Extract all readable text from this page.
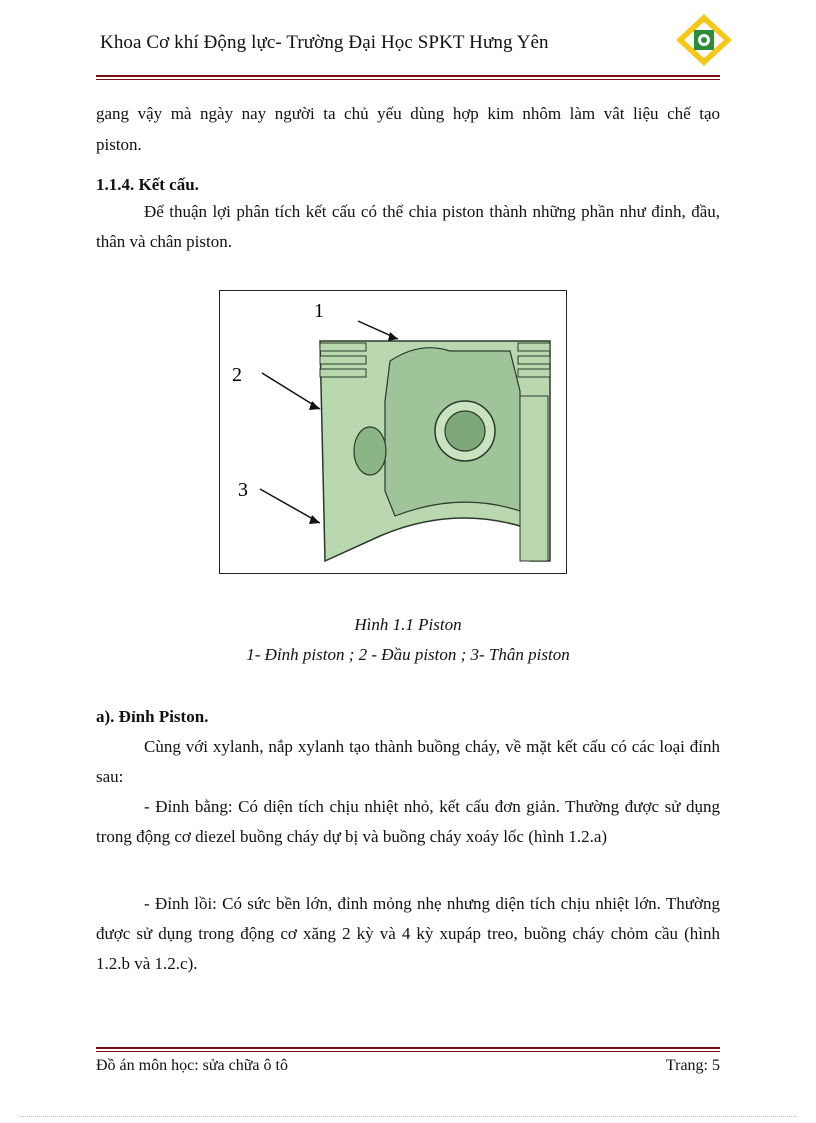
Khoa Cơ khí Động lực- Trường Đại Học SPKT Hưng Yên
gang vậy mà ngày nay người ta chủ yếu dùng hợp kim nhôm làm vât liệu chế tạo
piston.
1.1.4. Kết cấu.
Để thuận lợi phân tích kết cấu có thể chia piston thành những phần như đỉnh, đầu, thân và chân piston.
1
2
3
Hình 1.1 Piston
1- Đỉnh piston ; 2 - Đầu piston ; 3- Thân piston
a). Đỉnh Piston.
Cùng với xylanh, nắp xylanh tạo thành buồng cháy, về mặt kết cấu có các loại đỉnh sau:
- Đỉnh bằng: Có diện tích chịu nhiệt nhỏ, kết cấu đơn giản. Thường được sử dụng trong động cơ diezel buồng cháy dự bị và buồng cháy xoáy lốc (hình 1.2.a)
- Đỉnh lồi: Có sức bền lớn, đỉnh mỏng nhẹ nhưng diện tích chịu nhiệt lớn. Thường được sử dụng trong động cơ xăng 2 kỳ và 4 kỳ xupáp treo, buồng cháy chỏm cầu (hình 1.2.b và 1.2.c).
Đồ án môn học: sửa chữa ô tô	Trang: 5
